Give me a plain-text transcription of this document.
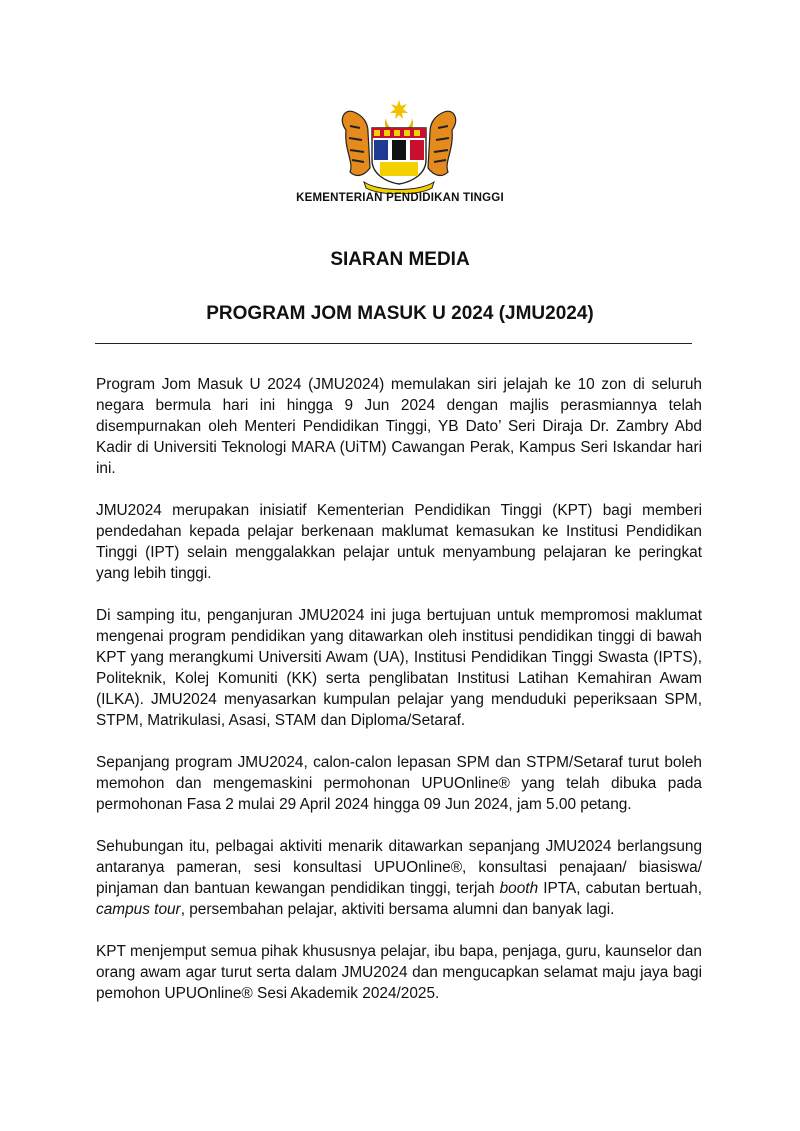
KEMENTERIAN PENDIDIKAN TINGGI
SIARAN MEDIA
PROGRAM JOM MASUK U 2024 (JMU2024)

Program Jom Masuk U 2024 (JMU2024) memulakan siri jelajah ke 10 zon di seluruh negara bermula hari ini hingga 9 Jun 2024 dengan majlis perasmiannya telah disempurnakan oleh Menteri Pendidikan Tinggi, YB Dato’ Seri Diraja Dr. Zambry Abd Kadir di Universiti Teknologi MARA (UiTM) Cawangan Perak, Kampus Seri Iskandar hari ini.

JMU2024 merupakan inisiatif Kementerian Pendidikan Tinggi (KPT) bagi memberi pendedahan kepada pelajar berkenaan maklumat kemasukan ke Institusi Pendidikan Tinggi (IPT) selain menggalakkan pelajar untuk menyambung pelajaran ke peringkat yang lebih tinggi.

Di samping itu, penganjuran JMU2024 ini juga bertujuan untuk mempromosi maklumat mengenai program pendidikan yang ditawarkan oleh institusi pendidikan tinggi di bawah KPT yang merangkumi Universiti Awam (UA), Institusi Pendidikan Tinggi Swasta (IPTS), Politeknik, Kolej Komuniti (KK) serta penglibatan Institusi Latihan Kemahiran Awam (ILKA). JMU2024 menyasarkan kumpulan pelajar yang menduduki peperiksaan SPM, STPM, Matrikulasi, Asasi, STAM dan Diploma/Setaraf.

Sepanjang program JMU2024, calon-calon lepasan SPM dan STPM/Setaraf turut boleh memohon dan mengemaskini permohonan UPUOnline® yang telah dibuka pada permohonan Fasa 2 mulai 29 April 2024 hingga 09 Jun 2024, jam 5.00 petang.

Sehubungan itu, pelbagai aktiviti menarik ditawarkan sepanjang JMU2024 berlangsung antaranya pameran, sesi konsultasi UPUOnline®, konsultasi penajaan/ biasiswa/ pinjaman dan bantuan kewangan pendidikan tinggi, terjah booth IPTA, cabutan bertuah, campus tour, persembahan pelajar, aktiviti bersama alumni dan banyak lagi.

KPT menjemput semua pihak khususnya pelajar, ibu bapa, penjaga, guru, kaunselor dan orang awam agar turut serta dalam JMU2024 dan mengucapkan selamat maju jaya bagi pemohon UPUOnline® Sesi Akademik 2024/2025.
